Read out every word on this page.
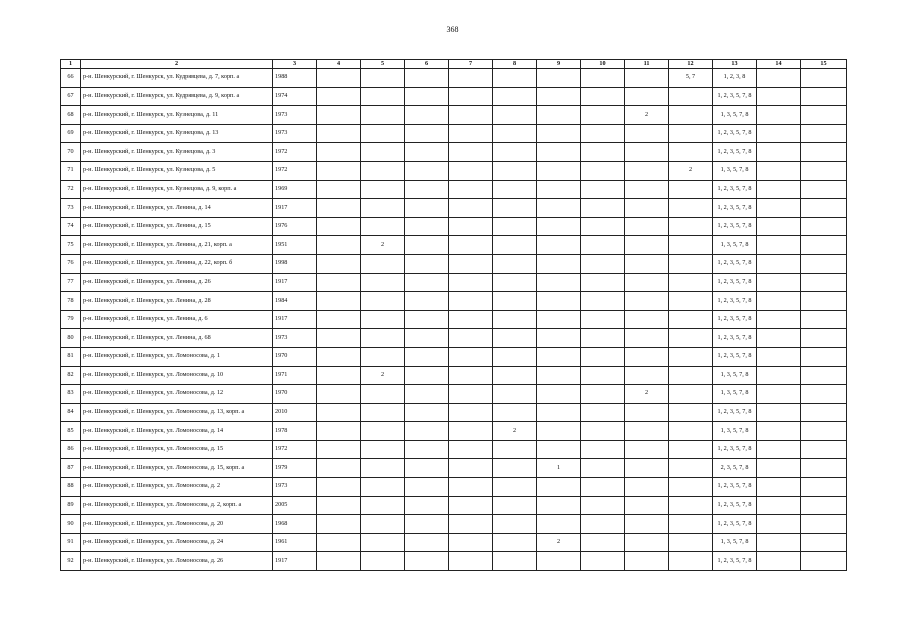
368
1	2	3	4	5	6	7	8	9	10	11	12	13	14	15
66	р-н. Шенкурский, г. Шенкурск, ул. Кудрявцева, д. 7, корп. а	1988									5, 7	1, 2, 3, 8		
67	р-н. Шенкурский, г. Шенкурск, ул. Кудрявцева, д. 9, корп. а	1974										1, 2, 3, 5, 7, 8		
68	р-н. Шенкурский, г. Шенкурск, ул. Кузнецова, д. 11	1973								2		1, 3, 5, 7, 8		
69	р-н. Шенкурский, г. Шенкурск, ул. Кузнецова, д. 13	1973										1, 2, 3, 5, 7, 8		
70	р-н. Шенкурский, г. Шенкурск, ул. Кузнецова, д. 3	1972										1, 2, 3, 5, 7, 8		
71	р-н. Шенкурский, г. Шенкурск, ул. Кузнецова, д. 5	1972									2	1, 3, 5, 7, 8		
72	р-н. Шенкурский, г. Шенкурск, ул. Кузнецова, д. 9, корп. а	1969										1, 2, 3, 5, 7, 8		
73	р-н. Шенкурский, г. Шенкурск, ул. Ленина, д. 14	1917										1, 2, 3, 5, 7, 8		
74	р-н. Шенкурский, г. Шенкурск, ул. Ленина, д. 15	1976										1, 2, 3, 5, 7, 8		
75	р-н. Шенкурский, г. Шенкурск, ул. Ленина, д. 21, корп. а	1951		2								1, 3, 5, 7, 8		
76	р-н. Шенкурский, г. Шенкурск, ул. Ленина, д. 22, корп. б	1998										1, 2, 3, 5, 7, 8		
77	р-н. Шенкурский, г. Шенкурск, ул. Ленина, д. 26	1917										1, 2, 3, 5, 7, 8		
78	р-н. Шенкурский, г. Шенкурск, ул. Ленина, д. 28	1984										1, 2, 3, 5, 7, 8		
79	р-н. Шенкурский, г. Шенкурск, ул. Ленина, д. 6	1917										1, 2, 3, 5, 7, 8		
80	р-н. Шенкурский, г. Шенкурск, ул. Ленина, д. 68	1973										1, 2, 3, 5, 7, 8		
81	р-н. Шенкурский, г. Шенкурск, ул. Ломоносова, д. 1	1970										1, 2, 3, 5, 7, 8		
82	р-н. Шенкурский, г. Шенкурск, ул. Ломоносова, д. 10	1971		2								1, 3, 5, 7, 8		
83	р-н. Шенкурский, г. Шенкурск, ул. Ломоносова, д. 12	1970								2		1, 3, 5, 7, 8		
84	р-н. Шенкурский, г. Шенкурск, ул. Ломоносова, д. 13, корп. а	2010										1, 2, 3, 5, 7, 8		
85	р-н. Шенкурский, г. Шенкурск, ул. Ломоносова, д. 14	1978					2					1, 3, 5, 7, 8		
86	р-н. Шенкурский, г. Шенкурск, ул. Ломоносова, д. 15	1972										1, 2, 3, 5, 7, 8		
87	р-н. Шенкурский, г. Шенкурск, ул. Ломоносова, д. 15, корп. а	1979						1				2, 3, 5, 7, 8		
88	р-н. Шенкурский, г. Шенкурск, ул. Ломоносова, д. 2	1973										1, 2, 3, 5, 7, 8		
89	р-н. Шенкурский, г. Шенкурск, ул. Ломоносова, д. 2, корп. а	2005										1, 2, 3, 5, 7, 8		
90	р-н. Шенкурский, г. Шенкурск, ул. Ломоносова, д. 20	1968										1, 2, 3, 5, 7, 8		
91	р-н. Шенкурский, г. Шенкурск, ул. Ломоносова, д. 24	1961						2				1, 3, 5, 7, 8		
92	р-н. Шенкурский, г. Шенкурск, ул. Ломоносова, д. 26	1917										1, 2, 3, 5, 7, 8		
